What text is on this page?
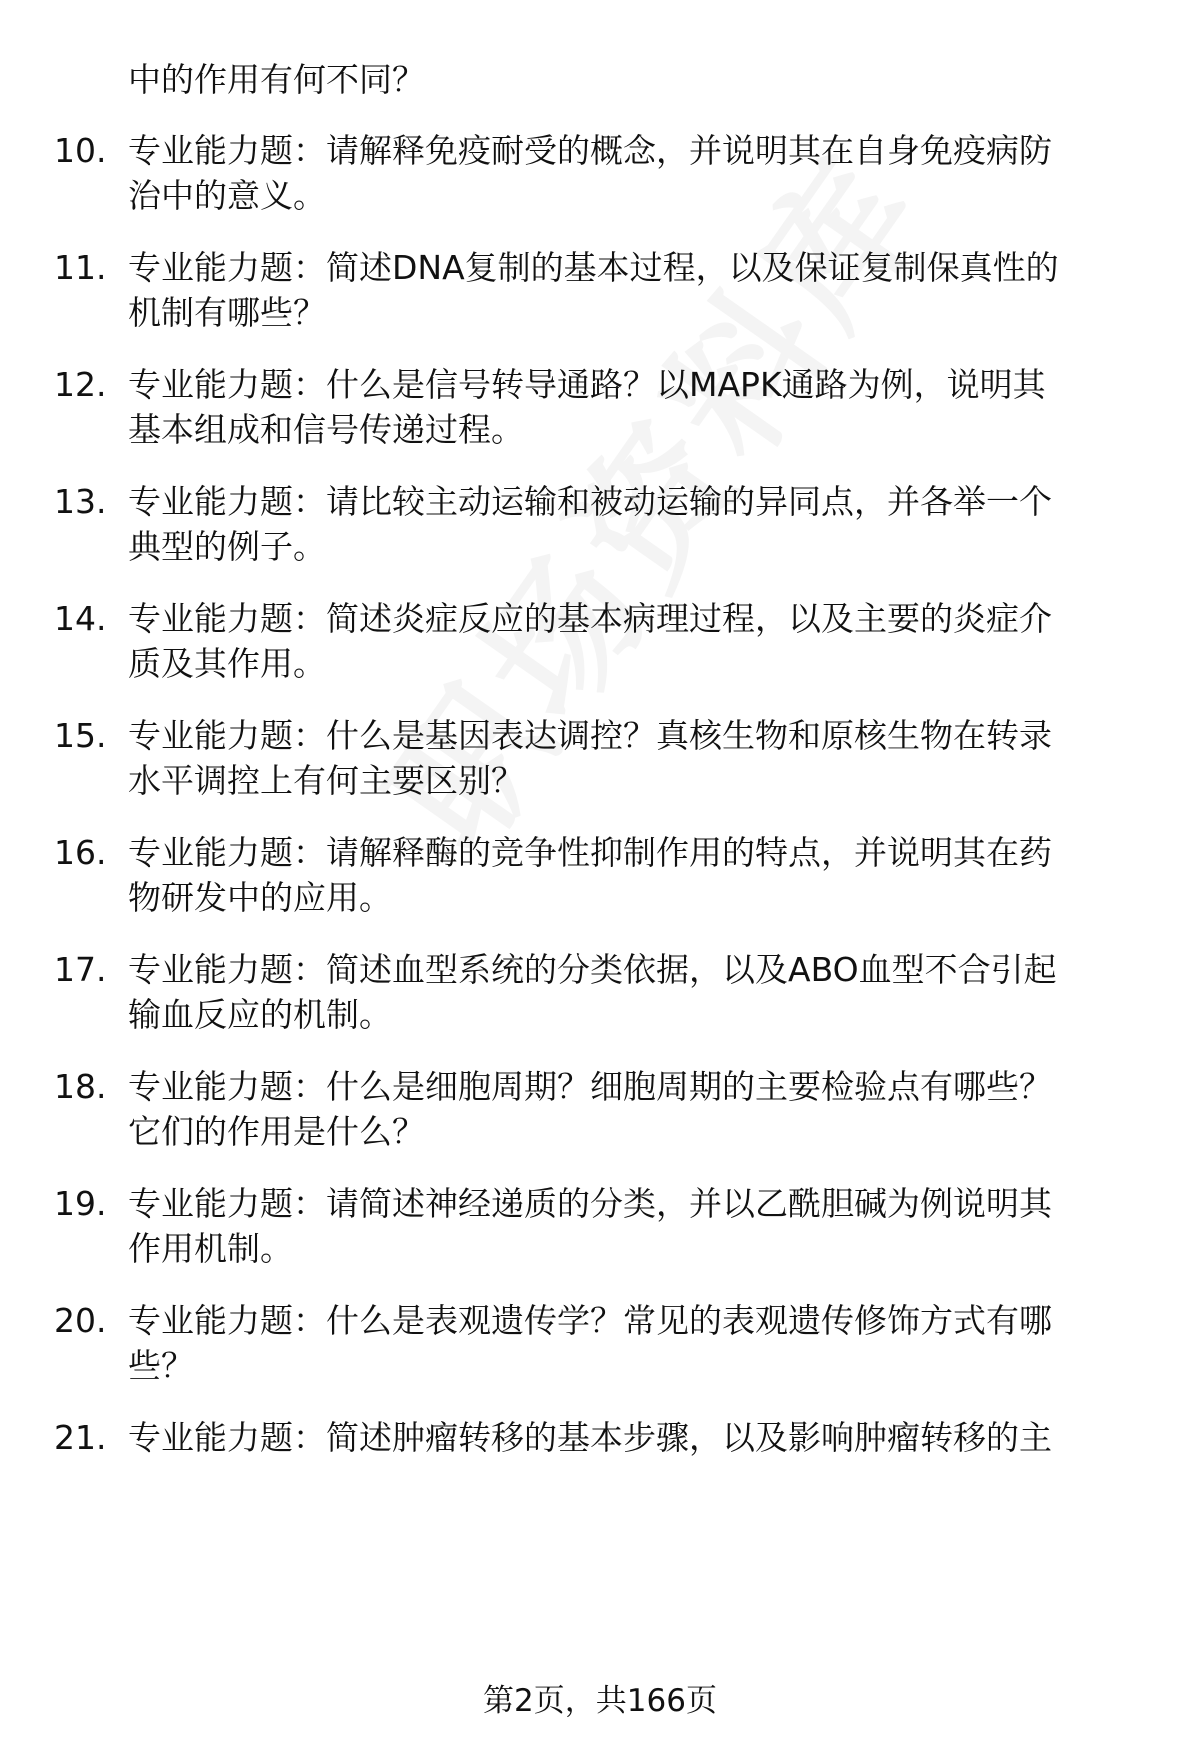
中的作用有何不同？
10. 专业能力题：请解释免疫耐受的概念，并说明其在自身免疫病防
治中的意义。
11. 专业能力题：简述DNA复制的基本过程，以及保证复制保真性的
机制有哪些？
12. 专业能力题：什么是信号转导通路？以MAPK通路为例，说明其
基本组成和信号传递过程。
13. 专业能力题：请比较主动运输和被动运输的异同点，并各举一个
典型的例子。
14. 专业能力题：简述炎症反应的基本病理过程，以及主要的炎症介
质及其作用。
15. 专业能力题：什么是基因表达调控？真核生物和原核生物在转录
水平调控上有何主要区别？
16. 专业能力题：请解释酶的竞争性抑制作用的特点，并说明其在药
物研发中的应用。
17. 专业能力题：简述血型系统的分类依据，以及ABO血型不合引起
输血反应的机制。
18. 专业能力题：什么是细胞周期？细胞周期的主要检验点有哪些？
它们的作用是什么？
19. 专业能力题：请简述神经递质的分类，并以乙酰胆碱为例说明其
作用机制。
20. 专业能力题：什么是表观遗传学？常见的表观遗传修饰方式有哪
些？
21. 专业能力题：简述肿瘤转移的基本步骤，以及影响肿瘤转移的主
第2页，共166页
